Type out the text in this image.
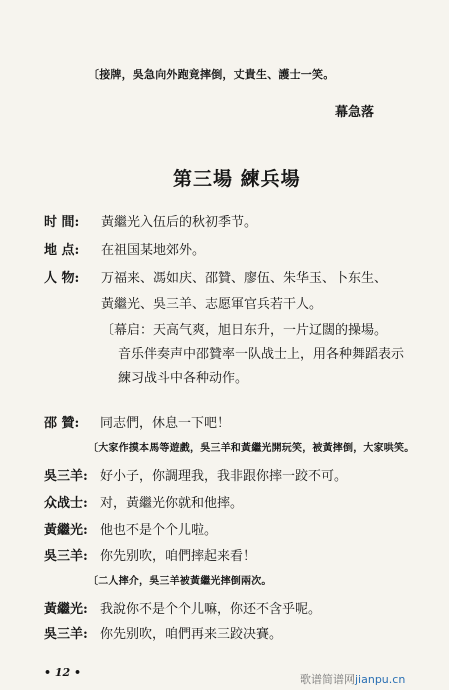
〔接牌，吳急向外跑竟摔倒，丈貴生、護士一笑。
幕急落
第三場 練兵場
时 間: 黃繼光入伍后的秋初季节。
地 点: 在祖国某地郊外。
人 物: 万福来、馮如庆、邵贊、廖伍、朱华玉、卜东生、
黃繼光、吳三羊、志愿軍官兵若干人。
〔幕启：天高气爽，旭日东升，一片辽闊的操場。
音乐伴奏声中邵贊率一队战士上，用各种舞蹈表示
練习战斗中各种动作。
邵 贊: 同志們，休息一下吧！
〔大家作摸本馬等遊戲，吳三羊和黃繼光開玩笑，被黃摔倒，大家哄笑。
吳三羊: 好小子，你調理我，我非跟你摔一跤不可。
众战士: 对，黃繼光你就和他摔。
黃繼光: 他也不是个个儿啦。
吳三羊: 你先别吹，咱們摔起来看！
〔二人摔介，吳三羊被黃繼光摔倒兩次。
黃繼光: 我說你不是个个儿嘛，你还不含乎呢。
吳三羊: 你先别吹，咱們再来三跤决賽。
• 12 •
歌谱简谱网jianpu.cn
